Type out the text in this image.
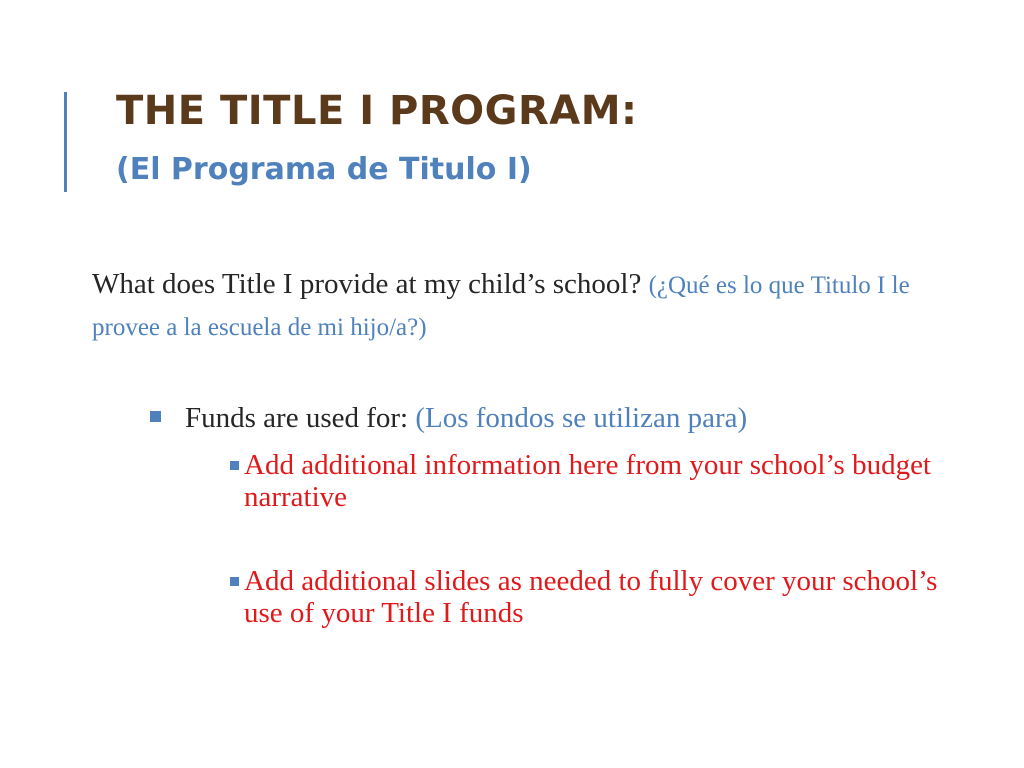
THE TITLE I PROGRAM:
(El Programa de Titulo I)

What does Title I provide at my child’s school? (¿Qué es lo que Titulo I le provee a la escuela de mi hijo/a?)

Funds are used for: (Los fondos se utilizan para)
Add additional information here from your school’s budget narrative
Add additional slides as needed to fully cover your school’s use of your Title I funds
